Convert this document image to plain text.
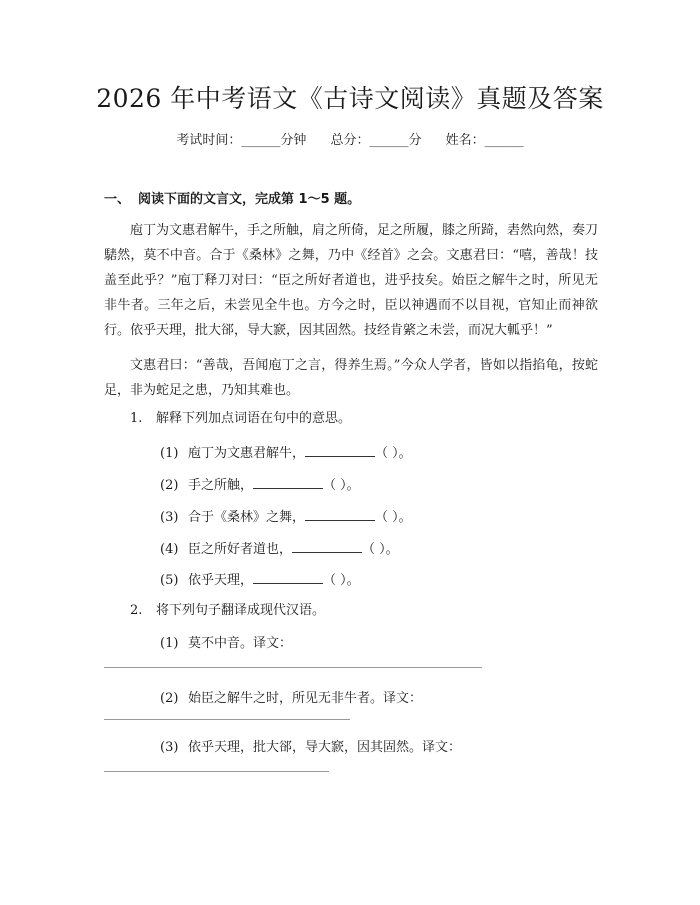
2026 年中考语文《古诗文阅读》真题及答案
考试时间：______分钟 总分：______分 姓名：______
一、 阅读下面的文言文，完成第 1～5 题。
庖丁为文惠君解牛，手之所触，肩之所倚，足之所履，膝之所踦，砉然向然，奏刀騞然，莫不中音。合于《桑林》之舞，乃中《经首》之会。文惠君曰：“嘻，善哉！技盖至此乎？”庖丁释刀对曰：“臣之所好者道也，进乎技矣。始臣之解牛之时，所见无非牛者。三年之后，未尝见全牛也。方今之时，臣以神遇而不以目视，官知止而神欲行。依乎天理，批大郤，导大窾，因其固然。技经肯綮之未尝，而况大軱乎！”
文惠君曰：“善哉，吾闻庖丁之言，得养生焉。”今众人学者，皆如以指掐龟，按蛇足，非为蛇足之患，乃知其难也。
1. 解释下列加点词语在句中的意思。
(1) 庖丁为文惠君解牛，	（ ）。
(2) 手之所触，	（ ）。
(3) 合于《桑林》之舞，	（ ）。
(4) 臣之所好者道也，	（ ）。
(5) 依乎天理，	（ ）。
2. 将下列句子翻译成现代汉语。
(1) 莫不中音。译文：
(2) 始臣之解牛之时，所见无非牛者。译文：
(3) 依乎天理，批大郤，导大窾，因其固然。译文：
